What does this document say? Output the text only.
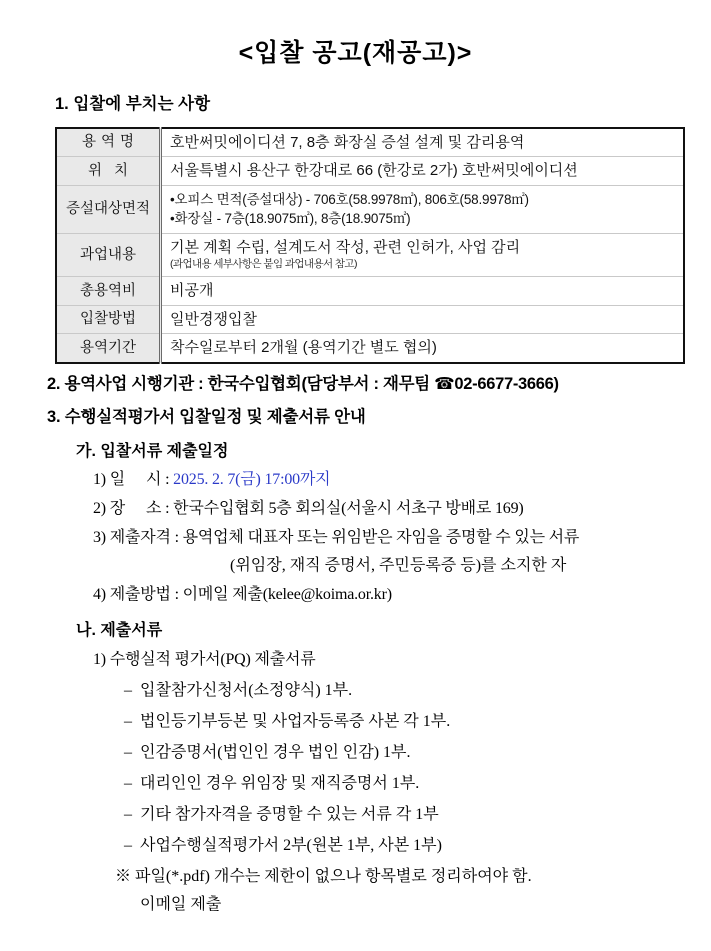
<입찰 공고(재공고)>
1. 입찰에 부치는 사항
용역명	호반써밋에이디션 7, 8층 화장실 증설 설계 및 감리용역
위치	서울특별시 용산구 한강대로 66 (한강로 2가) 호반써밋에이디션
증설대상면적	•오피스 면적(증설대상) - 706호(58.9978㎡), 806호(58.9978㎡)
•화장실 - 7층(18.9075㎡), 8층(18.9075㎡)

과업내용	기본 계획 수립, 설계도서 작성, 관련 인허가, 사업 감리
(과업내용 세부사항은 붙임 과업내용서 참고)

총용역비	비공개
입찰방법	일반경쟁입찰
용역기간	착수일로부터 2개월 (용역기간 별도 협의)
2. 용역사업 시행기관 : 한국수입협회(담당부서 : 재무팀 ☎02-6677-3666)
3. 수행실적평가서 입찰일정 및 제출서류 안내
가. 입찰서류 제출일정
1) 일 시 : 2025. 2. 7(금) 17:00까지
2) 장 소 : 한국수입협회 5층 회의실(서울시 서초구 방배로 169)
3) 제출자격 : 용역업체 대표자 또는 위임받은 자임을 증명할 수 있는 서류
(위임장, 재직 증명서, 주민등록증 등)를 소지한 자
4) 제출방법 : 이메일 제출(kelee@koima.or.kr)
나. 제출서류
1) 수행실적 평가서(PQ) 제출서류
– 입찰참가신청서(소정양식) 1부.
– 법인등기부등본 및 사업자등록증 사본 각 1부.
– 인감증명서(법인인 경우 법인 인감) 1부.
– 대리인인 경우 위임장 및 재직증명서 1부.
– 기타 참가자격을 증명할 수 있는 서류 각 1부
– 사업수행실적평가서 2부(원본 1부, 사본 1부)
※ 파일(*.pdf) 개수는 제한이 없으나 항목별로 정리하여야 함.
이메일 제출
